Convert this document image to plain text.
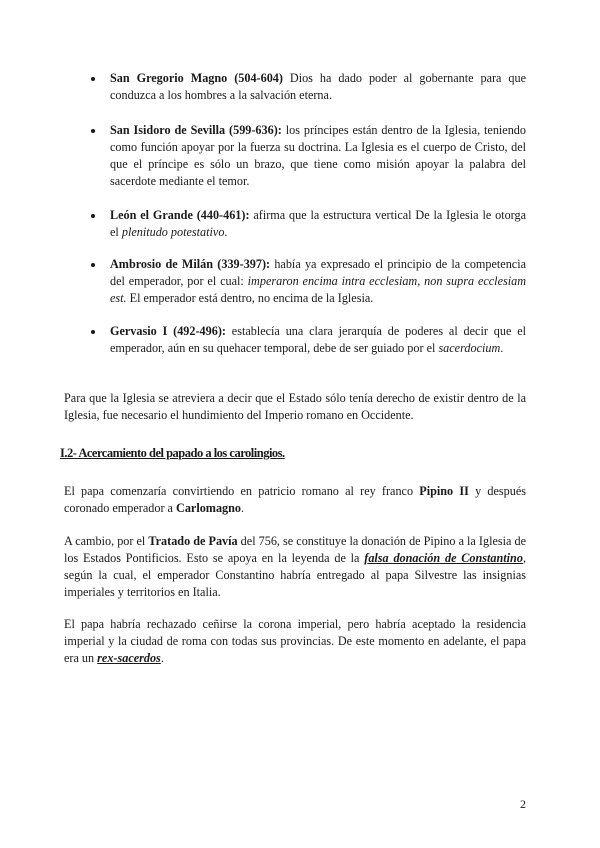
San Gregorio Magno (504-604) Dios ha dado poder al gobernante para que conduzca a los hombres a la salvación eterna.
San Isidoro de Sevilla (599-636): los príncipes están dentro de la Iglesia, teniendo como función apoyar por la fuerza su doctrina. La Iglesia es el cuerpo de Cristo, del que el príncipe es sólo un brazo, que tiene como misión apoyar la palabra del sacerdote mediante el temor.
León el Grande (440-461): afirma que la estructura vertical De la Iglesia le otorga el plenitudo potestativo.
Ambrosio de Milán (339-397): había ya expresado el principio de la competencia del emperador, por el cual: imperaron encima intra ecclesiam, non supra ecclesiam est. El emperador está dentro, no encima de la Iglesia.
Gervasio I (492-496): establecía una clara jerarquía de poderes al decir que el emperador, aún en su quehacer temporal, debe de ser guiado por el sacerdocium.

Para que la Iglesia se atreviera a decir que el Estado sólo tenía derecho de existir dentro de la Iglesia, fue necesario el hundimiento del Imperio romano en Occidente.

I.2- Acercamiento del papado a los carolingios.

El papa comenzaría convirtiendo en patricio romano al rey franco Pipino II y después coronado emperador a Carlomagno.

A cambio, por el Tratado de Pavía del 756, se constituye la donación de Pipino a la Iglesia de los Estados Pontificios. Esto se apoya en la leyenda de la falsa donación de Constantino, según la cual, el emperador Constantino habría entregado al papa Silvestre las insignias imperiales y territorios en Italia.

El papa habría rechazado ceñirse la corona imperial, pero habría aceptado la residencia imperial y la ciudad de roma con todas sus provincias. De este momento en adelante, el papa era un rex-sacerdos.

2
